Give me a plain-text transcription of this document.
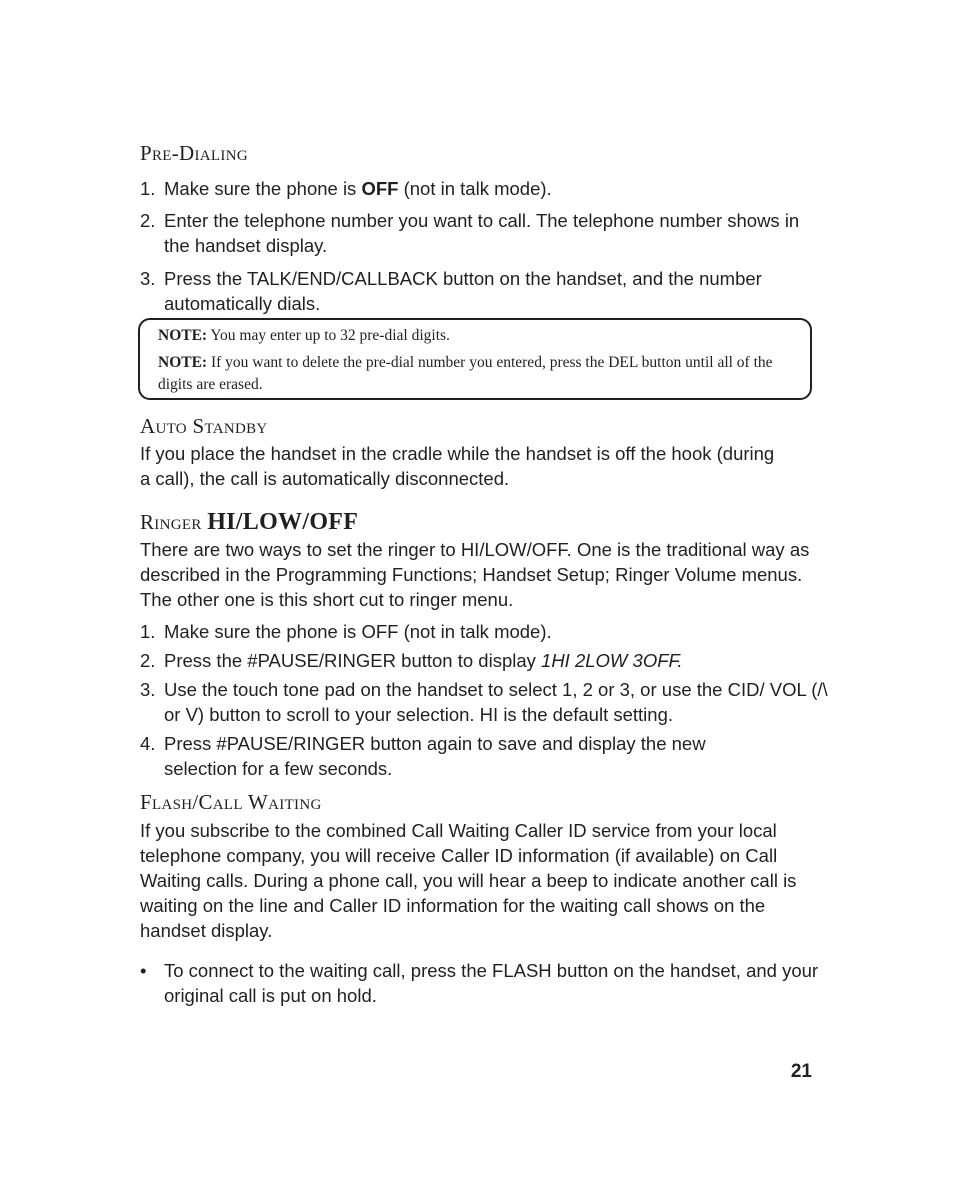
Pre-Dialing
1. Make sure the phone is OFF (not in talk mode).
2. Enter the telephone number you want to call. The telephone number shows in the handset display.
3. Press the TALK/END/CALLBACK button on the handset, and the number automatically dials.
NOTE: You may enter up to 32 pre-dial digits.
NOTE: If you want to delete the pre-dial number you entered, press the DEL button until all of the digits are erased.
Auto Standby

If you place the handset in the cradle while the handset is off the hook (during a call), the call is automatically disconnected.

Ringer HI/LOW/OFF

There are two ways to set the ringer to HI/LOW/OFF. One is the traditional way as described in the Programming Functions; Handset Setup; Ringer Volume menus. The other one is this short cut to ringer menu.

1. Make sure the phone is OFF (not in talk mode).
2. Press the #PAUSE/RINGER button to display 1HI 2LOW 3OFF.
3. Use the touch tone pad on the handset to select 1, 2 or 3, or use the CID/ VOL (/\ or V) button to scroll to your selection. HI is the default setting.
4. Press #PAUSE/RINGER button again to save and display the new selection for a few seconds.
Flash/Call Waiting

If you subscribe to the combined Call Waiting Caller ID service from your local telephone company, you will receive Caller ID information (if available) on Call Waiting calls. During a phone call, you will hear a beep to indicate another call is waiting on the line and Caller ID information for the waiting call shows on the handset display.

• To connect to the waiting call, press the FLASH button on the handset, and your original call is put on hold.
21
